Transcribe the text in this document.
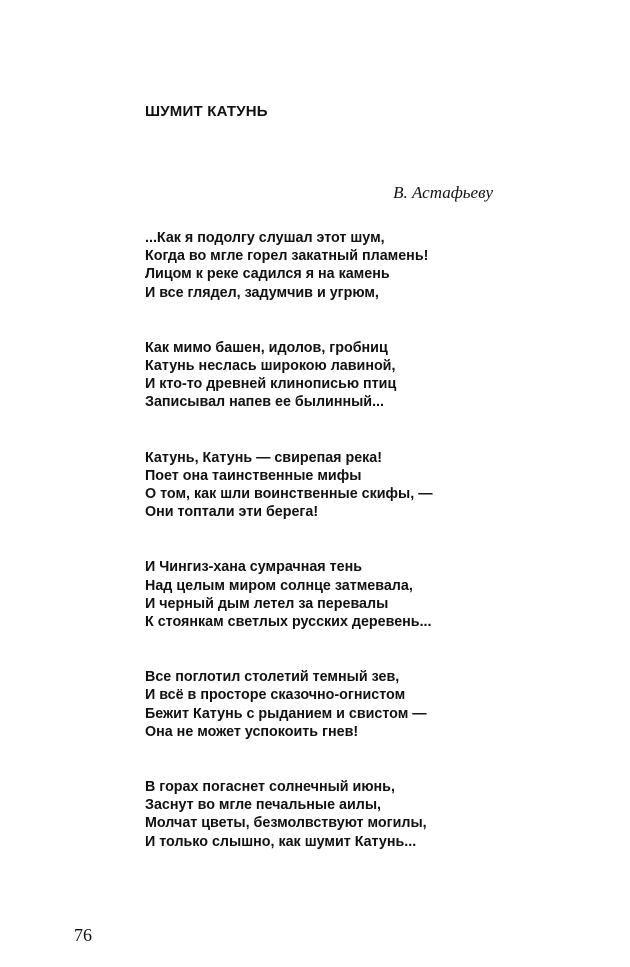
ШУМИТ КАТУНЬ

В. Астафьеву

...Как я подолгу слушал этот шум,
Когда во мгле горел закатный пламень!
Лицом к реке садился я на камень
И все глядел, задумчив и угрюм,

Как мимо башен, идолов, гробниц
Катунь неслась широкою лавиной,
И кто-то древней клинописью птиц
Записывал напев ее былинный...

Катунь, Катунь — свирепая река!
Поет она таинственные мифы
О том, как шли воинственные скифы, —
Они топтали эти берега!

И Чингиз-хана сумрачная тень
Над целым миром солнце затмевала,
И черный дым летел за перевалы
К стоянкам светлых русских деревень...

Все поглотил столетий темный зев,
И всё в просторе сказочно-огнистом
Бежит Катунь с рыданием и свистом —
Она не может успокоить гнев!

В горах погаснет солнечный июнь,
Заснут во мгле печальные аилы,
Молчат цветы, безмолвствуют могилы,
И только слышно, как шумит Катунь...

76
